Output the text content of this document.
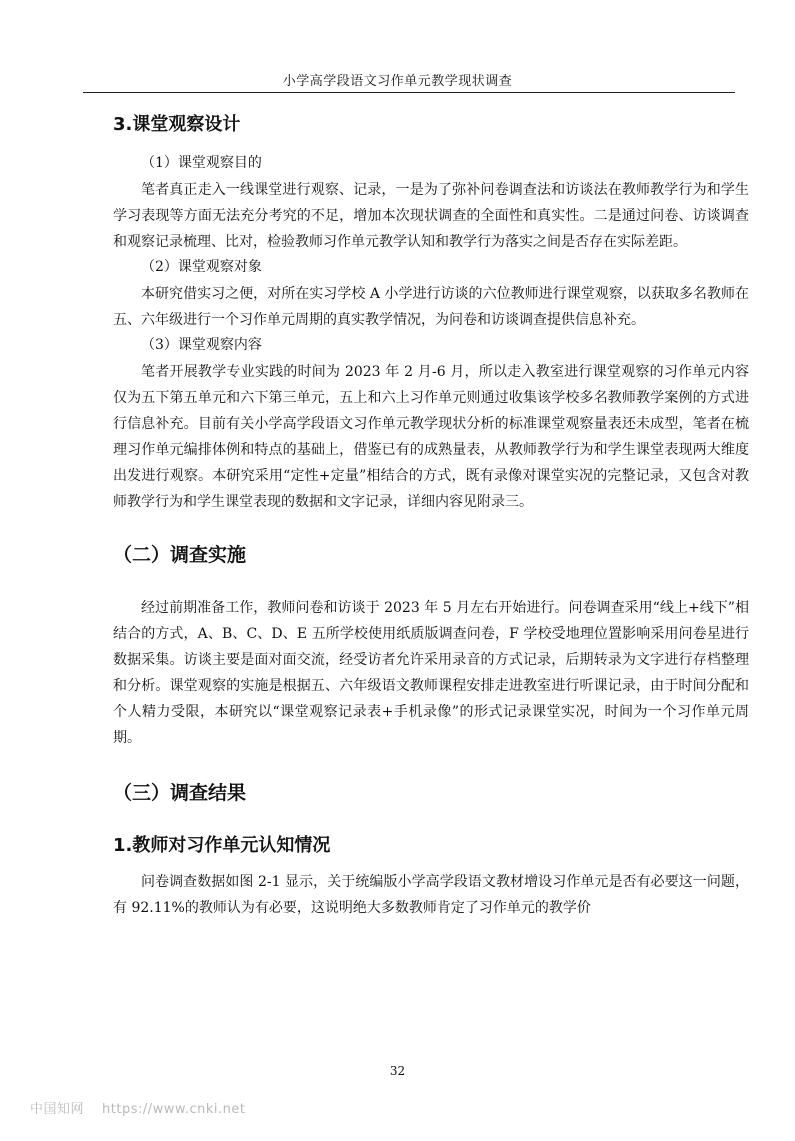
小学高学段语文习作单元教学现状调查

3.课堂观察设计

（1）课堂观察目的

笔者真正走入一线课堂进行观察、记录，一是为了弥补问卷调查法和访谈法在教师教学行为和学生学习表现等方面无法充分考究的不足，增加本次现状调查的全面性和真实性。二是通过问卷、访谈调查和观察记录梳理、比对，检验教师习作单元教学认知和教学行为落实之间是否存在实际差距。

（2）课堂观察对象

本研究借实习之便，对所在实习学校 A 小学进行访谈的六位教师进行课堂观察，以获取多名教师在五、六年级进行一个习作单元周期的真实教学情况，为问卷和访谈调查提供信息补充。

（3）课堂观察内容

笔者开展教学专业实践的时间为 2023 年 2 月-6 月，所以走入教室进行课堂观察的习作单元内容仅为五下第五单元和六下第三单元，五上和六上习作单元则通过收集该学校多名教师教学案例的方式进行信息补充。目前有关小学高学段语文习作单元教学现状分析的标准课堂观察量表还未成型，笔者在梳理习作单元编排体例和特点的基础上，借鉴已有的成熟量表，从教师教学行为和学生课堂表现两大维度出发进行观察。本研究采用“定性+定量”相结合的方式，既有录像对课堂实况的完整记录，又包含对教师教学行为和学生课堂表现的数据和文字记录，详细内容见附录三。

（二）调查实施

经过前期准备工作，教师问卷和访谈于 2023 年 5 月左右开始进行。问卷调查采用“线上+线下”相结合的方式，A、B、C、D、E 五所学校使用纸质版调查问卷，F 学校受地理位置影响采用问卷星进行数据采集。访谈主要是面对面交流，经受访者允许采用录音的方式记录，后期转录为文字进行存档整理和分析。课堂观察的实施是根据五、六年级语文教师课程安排走进教室进行听课记录，由于时间分配和个人精力受限，本研究以“课堂观察记录表+手机录像”的形式记录课堂实况，时间为一个习作单元周期。

（三）调查结果

1.教师对习作单元认知情况

问卷调查数据如图 2-1 显示，关于统编版小学高学段语文教材增设习作单元是否有必要这一问题，有 92.11%的教师认为有必要，这说明绝大多数教师肯定了习作单元的教学价

32
中国知网 https://www.cnki.net
